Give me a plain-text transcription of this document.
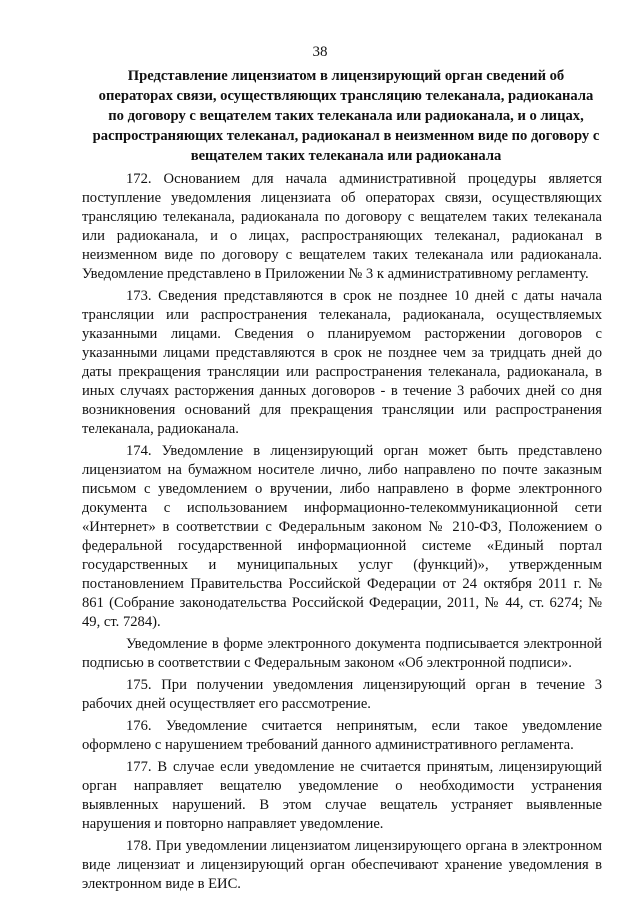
38
Представление лицензиатом в лицензирующий орган сведений об операторах связи, осуществляющих трансляцию телеканала, радиоканала по договору с вещателем таких телеканала или радиоканала, и о лицах, распространяющих телеканал, радиоканал в неизменном виде по договору с вещателем таких телеканала или радиоканала

172. Основанием для начала административной процедуры является поступление уведомления лицензиата об операторах связи, осуществляющих трансляцию телеканала, радиоканала по договору с вещателем таких телеканала или радиоканала, и о лицах, распространяющих телеканал, радиоканал в неизменном виде по договору с вещателем таких телеканала или радиоканала. Уведомление представлено в Приложении № 3 к административному регламенту.

173. Сведения представляются в срок не позднее 10 дней с даты начала трансляции или распространения телеканала, радиоканала, осуществляемых указанными лицами. Сведения о планируемом расторжении договоров с указанными лицами представляются в срок не позднее чем за тридцать дней до даты прекращения трансляции или распространения телеканала, радиоканала, в иных случаях расторжения данных договоров - в течение 3 рабочих дней со дня возникновения оснований для прекращения трансляции или распространения телеканала, радиоканала.

174. Уведомление в лицензирующий орган может быть представлено лицензиатом на бумажном носителе лично, либо направлено по почте заказным письмом с уведомлением о вручении, либо направлено в форме электронного документа с использованием информационно-телекоммуникационной сети «Интернет» в соответствии с Федеральным законом № 210-ФЗ, Положением о федеральной государственной информационной системе «Единый портал государственных и муниципальных услуг (функций)», утвержденным постановлением Правительства Российской Федерации от 24 октября 2011 г. № 861 (Собрание законодательства Российской Федерации, 2011, № 44, ст. 6274; № 49, ст. 7284).

Уведомление в форме электронного документа подписывается электронной подписью в соответствии с Федеральным законом «Об электронной подписи».

175. При получении уведомления лицензирующий орган в течение 3 рабочих дней осуществляет его рассмотрение.

176. Уведомление считается непринятым, если такое уведомление оформлено с нарушением требований данного административного регламента.

177. В случае если уведомление не считается принятым, лицензирующий орган направляет вещателю уведомление о необходимости устранения выявленных нарушений. В этом случае вещатель устраняет выявленные нарушения и повторно направляет уведомление.

178. При уведомлении лицензиатом лицензирующего органа в электронном виде лицензиат и лицензирующий орган обеспечивают хранение уведомления в электронном виде в ЕИС.
